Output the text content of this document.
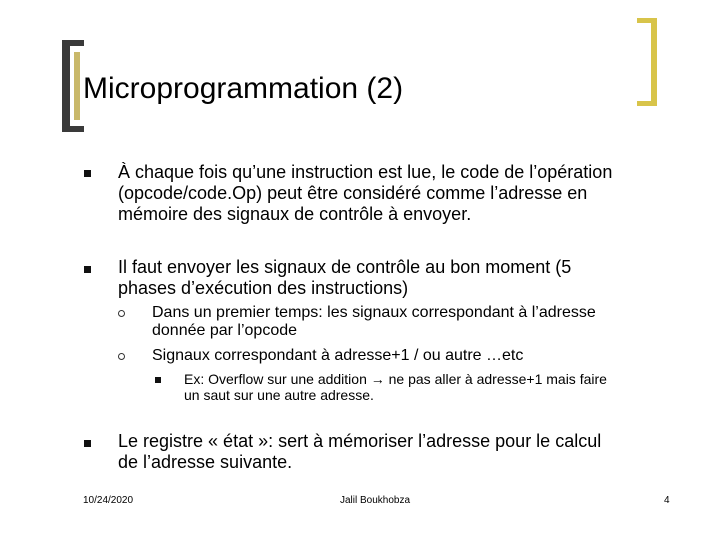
Microprogrammation (2)
À chaque fois qu’une instruction est lue, le code de l’opération
(opcode/code.Op) peut être considéré comme l’adresse en
mémoire des signaux de contrôle à envoyer.
Il faut envoyer les signaux de contrôle au bon moment (5
phases d’exécution des instructions)
Dans un premier temps: les signaux correspondant à l’adresse
donnée par l’opcode
Signaux correspondant à adresse+1 / ou autre …etc
Ex: Overflow sur une addition → ne pas aller à adresse+1 mais faire
un saut sur une autre adresse.
Le registre « état »: sert à mémoriser l’adresse pour le calcul
de l’adresse suivante.
10/24/2020	Jalil Boukhobza	4
